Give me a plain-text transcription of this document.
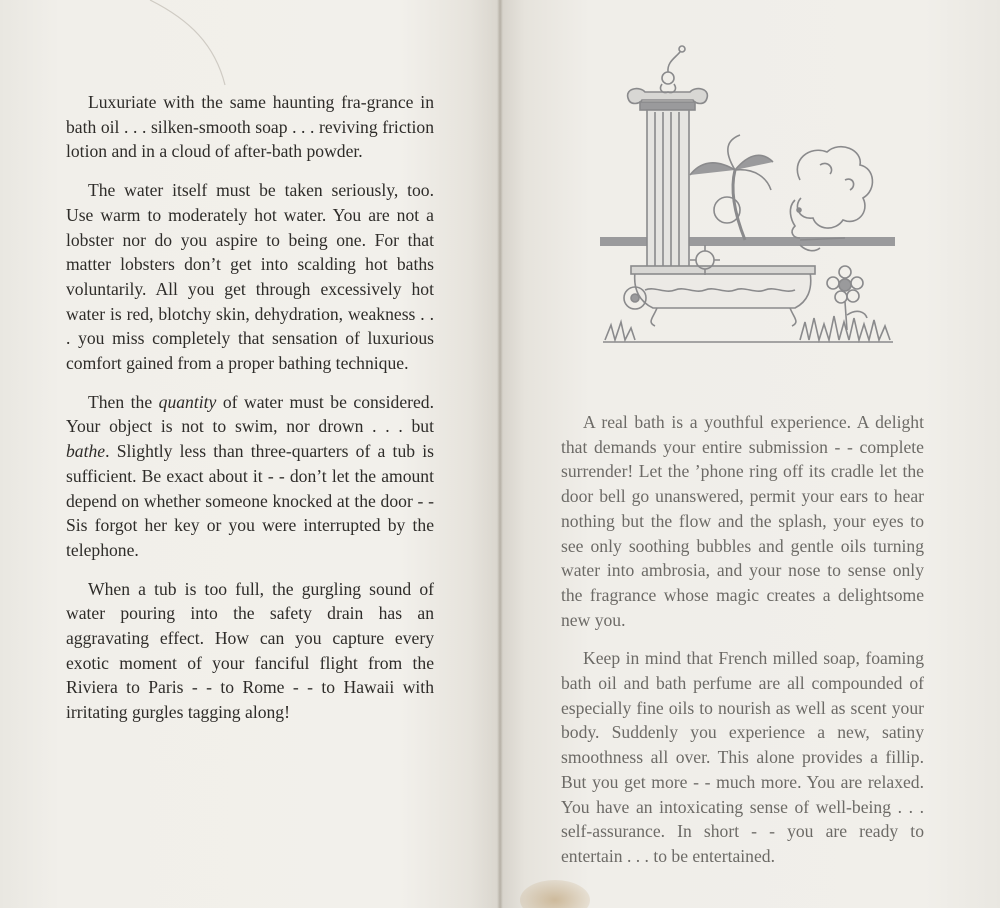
Luxuriate with the same haunting fra-grance in bath oil . . . silken-smooth soap . . . reviving friction lotion and in a cloud of after-bath powder.

The water itself must be taken seriously, too. Use warm to moderately hot water. You are not a lobster nor do you aspire to being one. For that matter lobsters don’t get into scalding hot baths voluntarily. All you get through excessively hot water is red, blotchy skin, dehydration, weakness . . . you miss completely that sensation of luxurious comfort gained from a proper bathing technique.

Then the quantity of water must be considered. Your object is not to swim, nor drown . . . but bathe. Slightly less than three-quarters of a tub is sufficient. Be exact about it - - don’t let the amount depend on whether someone knocked at the door - - Sis forgot her key or you were interrupted by the telephone.

When a tub is too full, the gurgling sound of water pouring into the safety drain has an aggravating effect. How can you capture every exotic moment of your fanciful flight from the Riviera to Paris - - to Rome - - to Hawaii with irritating gurgles tagging along!

A real bath is a youthful experience. A delight that demands your entire submission - - complete surrender! Let the ’phone ring off its cradle let the door bell go unanswered, permit your ears to hear nothing but the flow and the splash, your eyes to see only soothing bubbles and gentle oils turning water into ambrosia, and your nose to sense only the fragrance whose magic creates a delightsome new you.

Keep in mind that French milled soap, foaming bath oil and bath perfume are all compounded of especially fine oils to nourish as well as scent your body. Suddenly you experience a new, satiny smoothness all over. This alone provides a fillip. But you get more - - much more. You are relaxed. You have an intoxicating sense of well-being . . . self-assurance. In short - - you are ready to entertain . . . to be entertained.
